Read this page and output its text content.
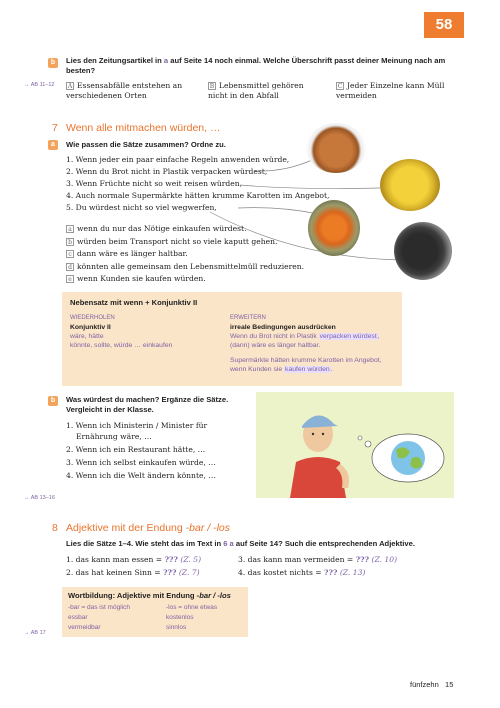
58
b	Lies den Zeitungsartikel in a auf Seite 14 noch einmal. Welche Überschrift passt deiner Meinung nach am besten?
→ AB 11–12	A Essensabfälle entstehen an verschiedenen Orten
B Lebensmittel gehören nicht in den Abfall
C Jeder Einzelne kann Müll vermeiden
7 Wenn alle mitmachen würden, …
a	Wie passen die Sätze zusammen? Ordne zu.
1. Wenn jeder ein paar einfache Regeln anwenden würde,
2. Wenn du Brot nicht in Plastik verpacken würdest,
3. Wenn Früchte nicht so weit reisen würden,
4. Auch normale Supermärkte hätten krumme Karotten im Angebot,
5. Du würdest nicht so viel wegwerfen,
a wenn du nur das Nötige einkaufen würdest.
b würden beim Transport nicht so viele kaputt gehen.
c dann wäre es länger haltbar.
d könnten alle gemeinsam den Lebensmittelmüll reduzieren.
e wenn Kunden sie kaufen würden.
Nebensatz mit wenn + Konjunktiv II
WIEDERHOLEN
Konjunktiv II
wäre, hätte
könnte, sollte, würde … einkaufen
ERWEITERN
irreale Bedingungen ausdrücken
Wenn du Brot nicht in Plastik verpacken würdest,
(dann) wäre es länger haltbar.
Supermärkte hätten krumme Karotten im Angebot,
wenn Kunden sie kaufen würden.
b	Was würdest du machen? Ergänze die Sätze.
Vergleicht in der Klasse.
1. Wenn ich Ministerin / Minister für
Ernährung wäre, …
2. Wenn ich ein Restaurant hätte, …
3. Wenn ich selbst einkaufen würde, …
4. Wenn ich die Welt ändern könnte, …
→ AB 13–16
8 Adjektive mit der Endung -bar / -los
Lies die Sätze 1–4. Wie steht das im Text in 6 a auf Seite 14? Such die entsprechenden Adjektive.
1. das kann man essen = ??? (Z. 5)
2. das hat keinen Sinn = ??? (Z. 7)
3. das kann man vermeiden = ??? (Z. 10)
4. das kostet nichts = ??? (Z. 13)
Wortbildung: Adjektive mit Endung -bar / -los
-bar = das ist möglich
essbar
vermeidbar
-los = ohne etwas
kostenlos
sinnlos
→ AB 17
fünfzehn 15
